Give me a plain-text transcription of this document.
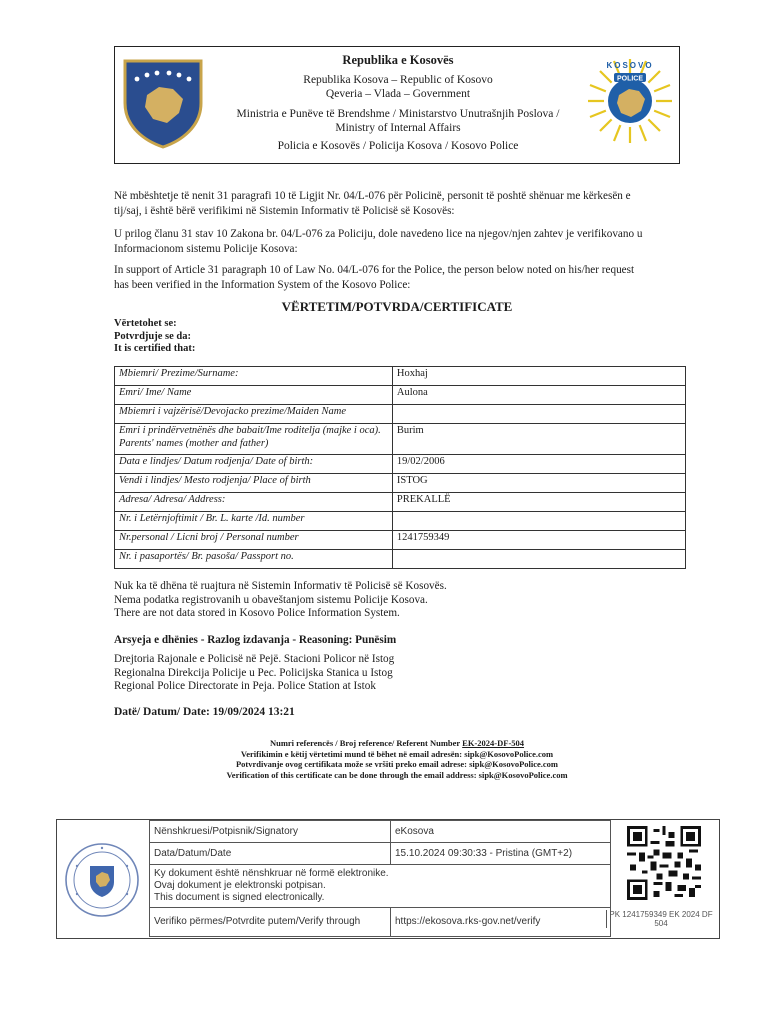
Republika e Kosovës
Republika Kosova – Republic of Kosovo
Qeveria – Vlada – Government
Ministria e Punëve të Brendshme / Ministarstvo Unutrašnjih Poslova /
Ministry of Internal Affairs
Policia e Kosovës / Policija Kosova / Kosovo Police
POLICE
KOSOVO
Në mbështetje të nenit 31 paragrafi 10 të Ligjit Nr. 04/L-076 për Policinë, personit të poshtë shënuar me kërkesën e tij/saj, i është bërë verifikimi në Sistemin Informativ të Policisë së Kosovës:
U prilog članu 31 stav 10 Zakona br. 04/L-076 za Policiju, dole navedeno lice na njegov/njen zahtev je verifikovano u Informacionom sistemu Policije Kosova:
In support of Article 31 paragraph 10 of Law No. 04/L-076 for the Police, the person below noted on his/her request has been verified in the Information System of the Kosovo Police:
VËRTETIM/POTVRDA/CERTIFICATE
Vërtetohet se:
Potvrdjuje se da:
It is certified that:
Mbiemri/ Prezime/Surname:	Hoxhaj
Emri/ Ime/ Name	Aulona
Mbiemri i vajzërisë/Devojacko prezime/Maiden Name	
Emri i prindërvetnënës dhe babait/Ime roditelja (majke i oca). Parents' names (mother and father)	Burim
Data e lindjes/ Datum rodjenja/ Date of birth:	19/02/2006
Vendi i lindjes/ Mesto rodjenja/ Place of birth	ISTOG
Adresa/ Adresa/ Address:	PREKALLË
Nr. i Letërnjoftimit / Br. L. karte /Id. number	
Nr.personal / Licni broj / Personal number	1241759349
Nr. i pasaportës/ Br. pasoša/ Passport no.	
Nuk ka të dhëna të ruajtura në Sistemin Informativ të Policisë së Kosovës.
Nema podatka registrovanih u obaveštanjom sistemu Policije Kosova.
There are not data stored in Kosovo Police Information System.
Arsyeja e dhënies - Razlog izdavanja - Reasoning: Punësim
Drejtoria Rajonale e Policisë në Pejë. Stacioni Policor në Istog
Regionalna Direkcija Policije u Pec. Policijska Stanica u Istog
Regional Police Directorate in Peja. Police Station at Istok
Datë/ Datum/ Date: 19/09/2024 13:21
Numri referencës / Broj reference/ Referent Number EK-2024-DF-504
Verifikimin e këtij vërtetimi mund të bëhet në email adresën: sipk@KosovoPolice.com
Potvrdivanje ovog certifikata može se vršiti preko email adrese: sipk@KosovoPolice.com
Verification of this certificate can be done through the email address: sipk@KosovoPolice.com
Nënshkruesi/Potpisnik/Signatory	eKosova
Data/Datum/Date	15.10.2024 09:30:33 - Pristina (GMT+2)

Ky dokument është nënshkruar në formë elektronike.
Ovaj dokument je elektronski potpisan.
This document is signed electronically.	

Verifiko përmes/Potvrdite putem/Verify through	https://ekosova.rks-gov.net/verify
PK 1241759349 EK 2024 DF 504
